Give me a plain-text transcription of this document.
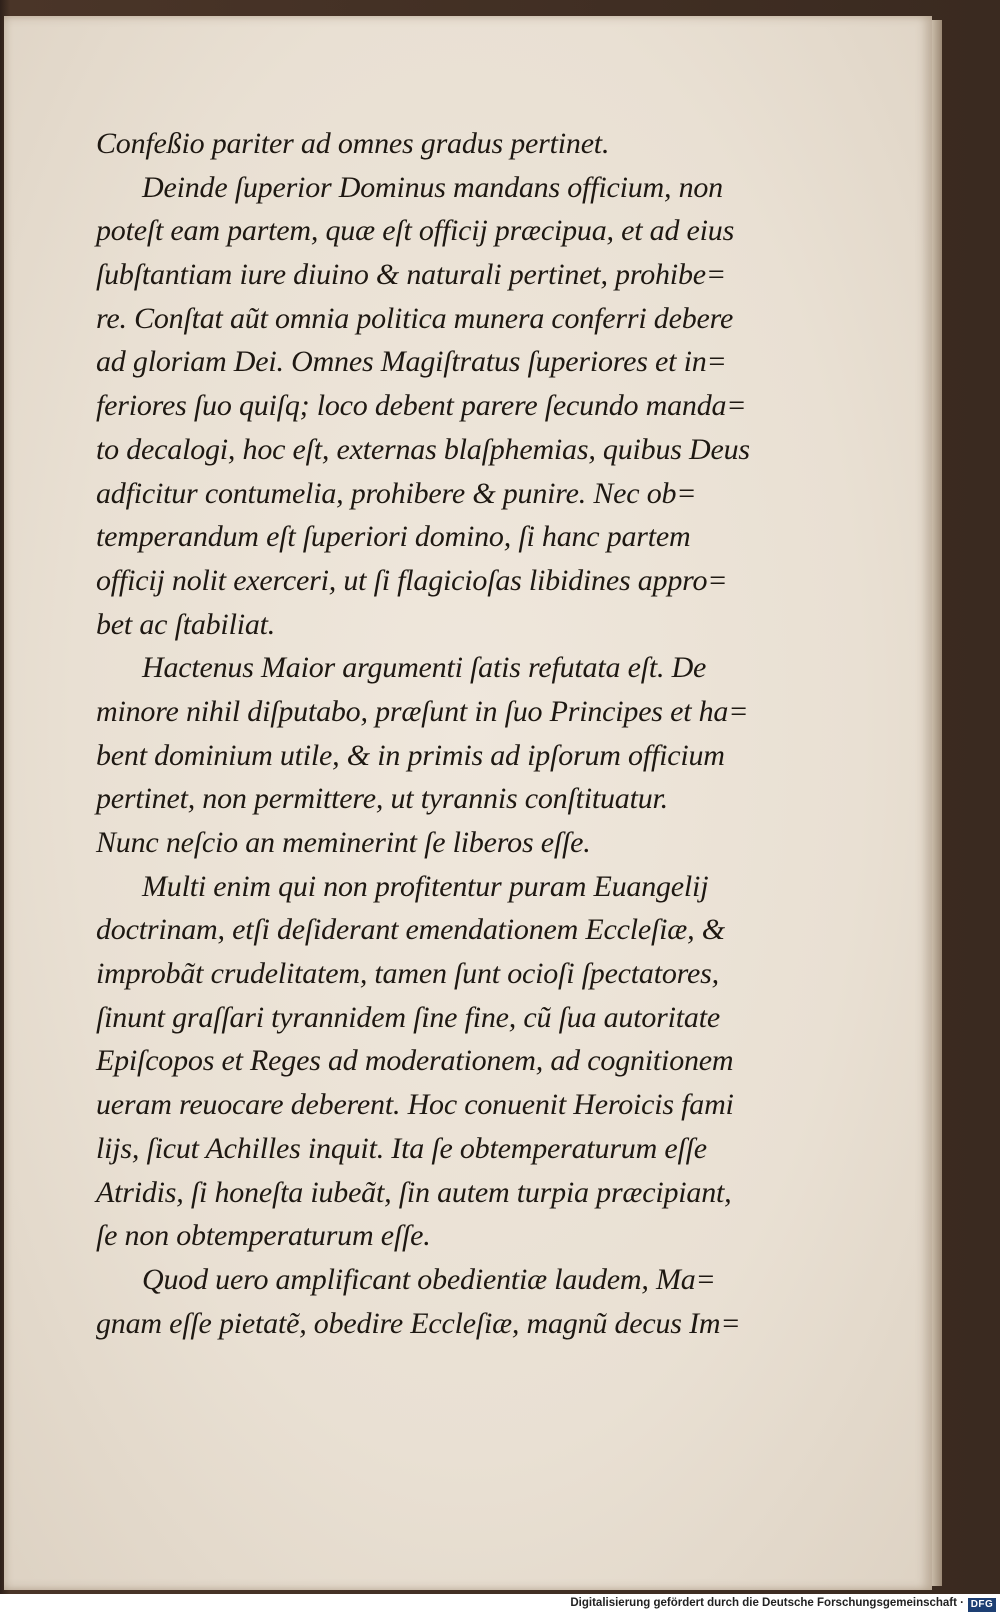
Confeßio pariter ad omnes gradus pertinet.
Deinde ſuperior Dominus mandans officium, non
poteſt eam partem, quæ eſt officij præcipua, et ad eius
ſubſtantiam iure diuino & naturali pertinet, prohibe=
re. Conſtat aũt omnia politica munera conferri debere
ad gloriam Dei. Omnes Magiſtratus ſuperiores et in=
feriores ſuo quiſq; loco debent parere ſecundo manda=
to decalogi, hoc eſt, externas blaſphemias, quibus Deus
adficitur contumelia, prohibere & punire. Nec ob=
temperandum eſt ſuperiori domino, ſi hanc partem
officij nolit exerceri, ut ſi flagicioſas libidines appro=
bet ac ſtabiliat.
Hactenus Maior argumenti ſatis refutata eſt. De
minore nihil diſputabo, præſunt in ſuo Principes et ha=
bent dominium utile, & in primis ad ipſorum officium
pertinet, non permittere, ut tyrannis conſtituatur.
Nunc neſcio an meminerint ſe liberos eſſe.
Multi enim qui non profitentur puram Euangelij
doctrinam, etſi deſiderant emendationem Eccleſiæ, &
improbãt crudelitatem, tamen ſunt ocioſi ſpectatores,
ſinunt graſſari tyrannidem ſine fine, cũ ſua autoritate
Epiſcopos et Reges ad moderationem, ad cognitionem
ueram reuocare deberent. Hoc conuenit Heroicis fami
lijs, ſicut Achilles inquit. Ita ſe obtemperaturum eſſe
Atridis, ſi honeſta iubeãt, ſin autem turpia præcipiant,
ſe non obtemperaturum eſſe.
Quod uero amplificant obedientiæ laudem, Ma=
gnam eſſe pietatẽ, obedire Eccleſiæ, magnũ decus Im=
Digitalisierung gefördert durch die Deutsche Forschungsgemeinschaft · DFG
